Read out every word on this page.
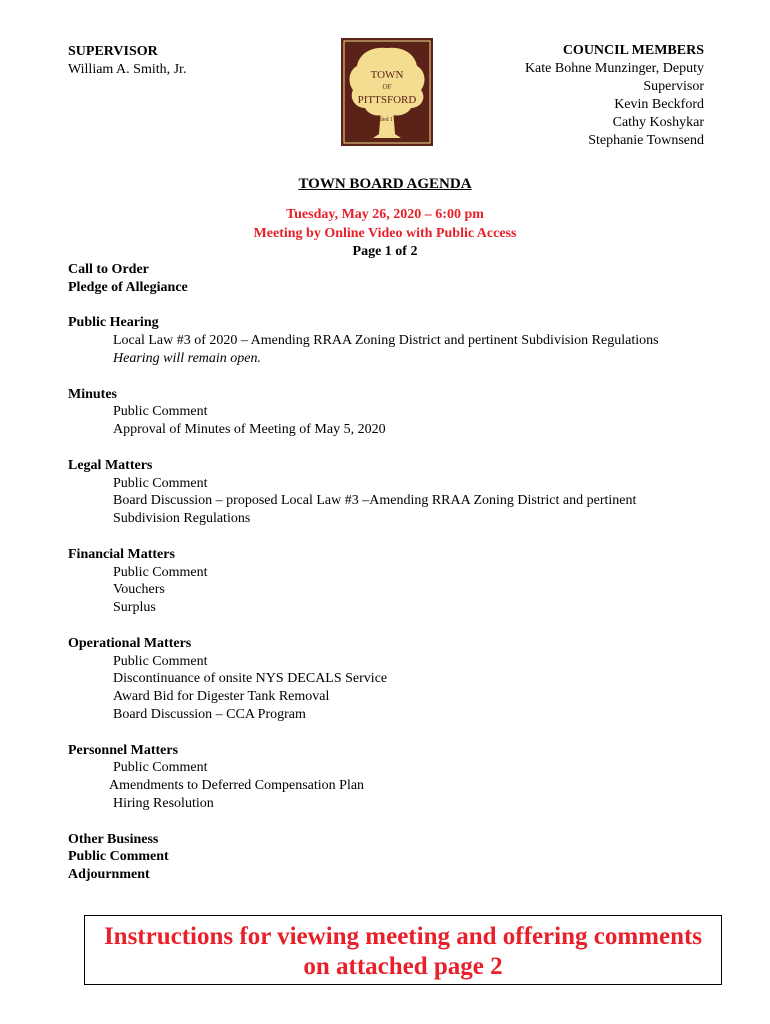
SUPERVISOR
William A. Smith, Jr.	TOWN
OF
PITTSFORD
Settled 1789
COUNCIL MEMBERS
Kate Bohne Munzinger, Deputy
Supervisor
Kevin Beckford
Cathy Koshykar
Stephanie Townsend
TOWN BOARD AGENDA
Tuesday, May 26, 2020 – 6:00 pm
Meeting by Online Video with Public Access
Page 1 of 2
Call to Order
Pledge of Allegiance
Public Hearing
Local Law #3 of 2020 – Amending RRAA Zoning District and pertinent Subdivision Regulations
Hearing will remain open.
Minutes
Public Comment
Approval of Minutes of Meeting of May 5, 2020
Legal Matters
Public Comment
Board Discussion – proposed Local Law #3 –Amending RRAA Zoning District and pertinent
Subdivision Regulations
Financial Matters
Public Comment
Vouchers
Surplus
Operational Matters
Public Comment
Discontinuance of onsite NYS DECALS Service
Award Bid for Digester Tank Removal
Board Discussion – CCA Program
Personnel Matters
Public Comment
Amendments to Deferred Compensation Plan
Hiring Resolution
Other Business
Public Comment
Adjournment
Instructions for viewing meeting and offering comments
on attached page 2
